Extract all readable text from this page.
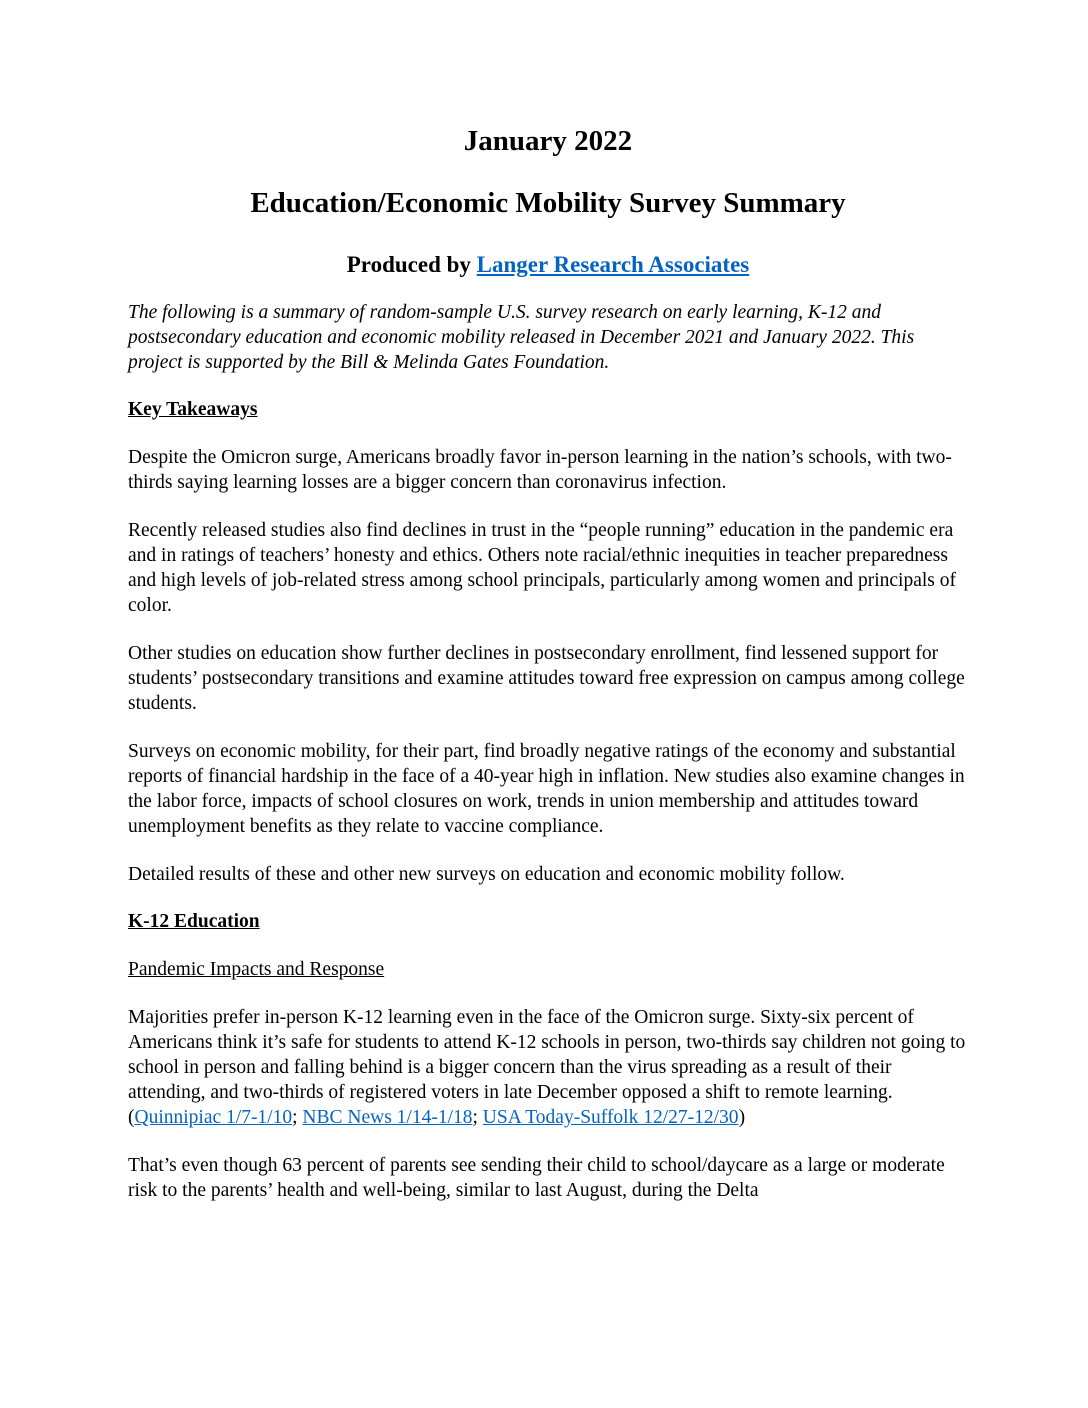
January 2022
Education/Economic Mobility Survey Summary
Produced by Langer Research Associates

The following is a summary of random-sample U.S. survey research on early learning, K-12 and postsecondary education and economic mobility released in December 2021 and January 2022. This project is supported by the Bill & Melinda Gates Foundation.

Key Takeaways

Despite the Omicron surge, Americans broadly favor in-person learning in the nation’s schools, with two-thirds saying learning losses are a bigger concern than coronavirus infection.

Recently released studies also find declines in trust in the “people running” education in the pandemic era and in ratings of teachers’ honesty and ethics. Others note racial/ethnic inequities in teacher preparedness and high levels of job-related stress among school principals, particularly among women and principals of color.

Other studies on education show further declines in postsecondary enrollment, find lessened support for students’ postsecondary transitions and examine attitudes toward free expression on campus among college students.

Surveys on economic mobility, for their part, find broadly negative ratings of the economy and substantial reports of financial hardship in the face of a 40-year high in inflation. New studies also examine changes in the labor force, impacts of school closures on work, trends in union membership and attitudes toward unemployment benefits as they relate to vaccine compliance.

Detailed results of these and other new surveys on education and economic mobility follow.

K-12 Education

Pandemic Impacts and Response

Majorities prefer in-person K-12 learning even in the face of the Omicron surge. Sixty-six percent of Americans think it’s safe for students to attend K-12 schools in person, two-thirds say children not going to school in person and falling behind is a bigger concern than the virus spreading as a result of their attending, and two-thirds of registered voters in late December opposed a shift to remote learning. (Quinnipiac 1/7-1/10; NBC News 1/14-1/18; USA Today-Suffolk 12/27-12/30)

That’s even though 63 percent of parents see sending their child to school/daycare as a large or moderate risk to the parents’ health and well-being, similar to last August, during the Delta
